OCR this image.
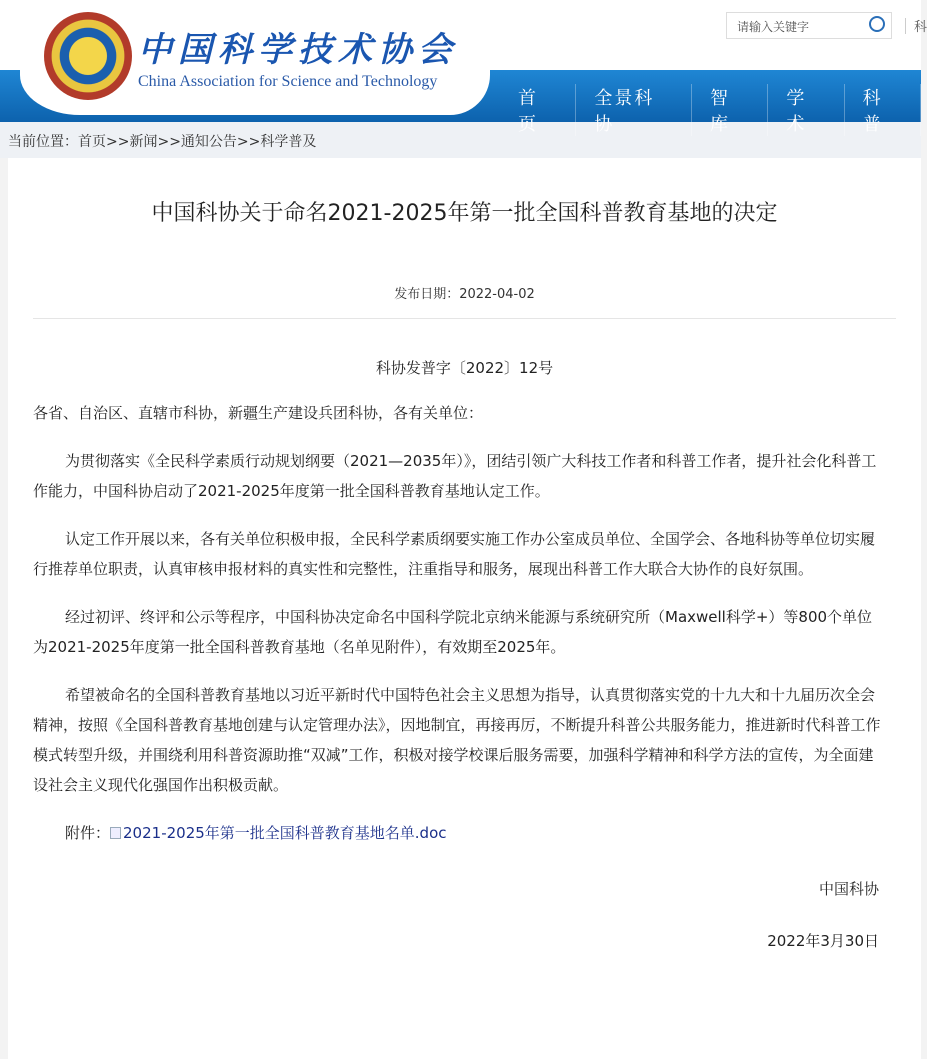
中国科学技术协会
China Association for Science and Technology
请输入关键字	科
首页
全景科协
智库
学术
科普
当前位置：首页>>新闻>>通知公告>>科学普及
中国科协关于命名2021-2025年第一批全国科普教育基地的决定
发布日期：2022-04-02
科协发普字〔2022〕12号

各省、自治区、直辖市科协，新疆生产建设兵团科协，各有关单位：

为贯彻落实《全民科学素质行动规划纲要（2021—2035年）》，团结引领广大科技工作者和科普工作者，提升社会化科普工作能力，中国科协启动了2021-2025年度第一批全国科普教育基地认定工作。

认定工作开展以来，各有关单位积极申报，全民科学素质纲要实施工作办公室成员单位、全国学会、各地科协等单位切实履行推荐单位职责，认真审核申报材料的真实性和完整性，注重指导和服务，展现出科普工作大联合大协作的良好氛围。

经过初评、终评和公示等程序，中国科协决定命名中国科学院北京纳米能源与系统研究所（Maxwell科学+）等800个单位为2021-2025年度第一批全国科普教育基地（名单见附件），有效期至2025年。

希望被命名的全国科普教育基地以习近平新时代中国特色社会主义思想为指导，认真贯彻落实党的十九大和十九届历次全会精神，按照《全国科普教育基地创建与认定管理办法》，因地制宜，再接再厉，不断提升科普公共服务能力，推进新时代科普工作模式转型升级，并围绕利用科普资源助推“双减”工作，积极对接学校课后服务需要，加强科学精神和科学方法的宣传，为全面建设社会主义现代化强国作出积极贡献。

附件： 2021-2025年第一批全国科普教育基地名单.doc

中国科协

2022年3月30日
